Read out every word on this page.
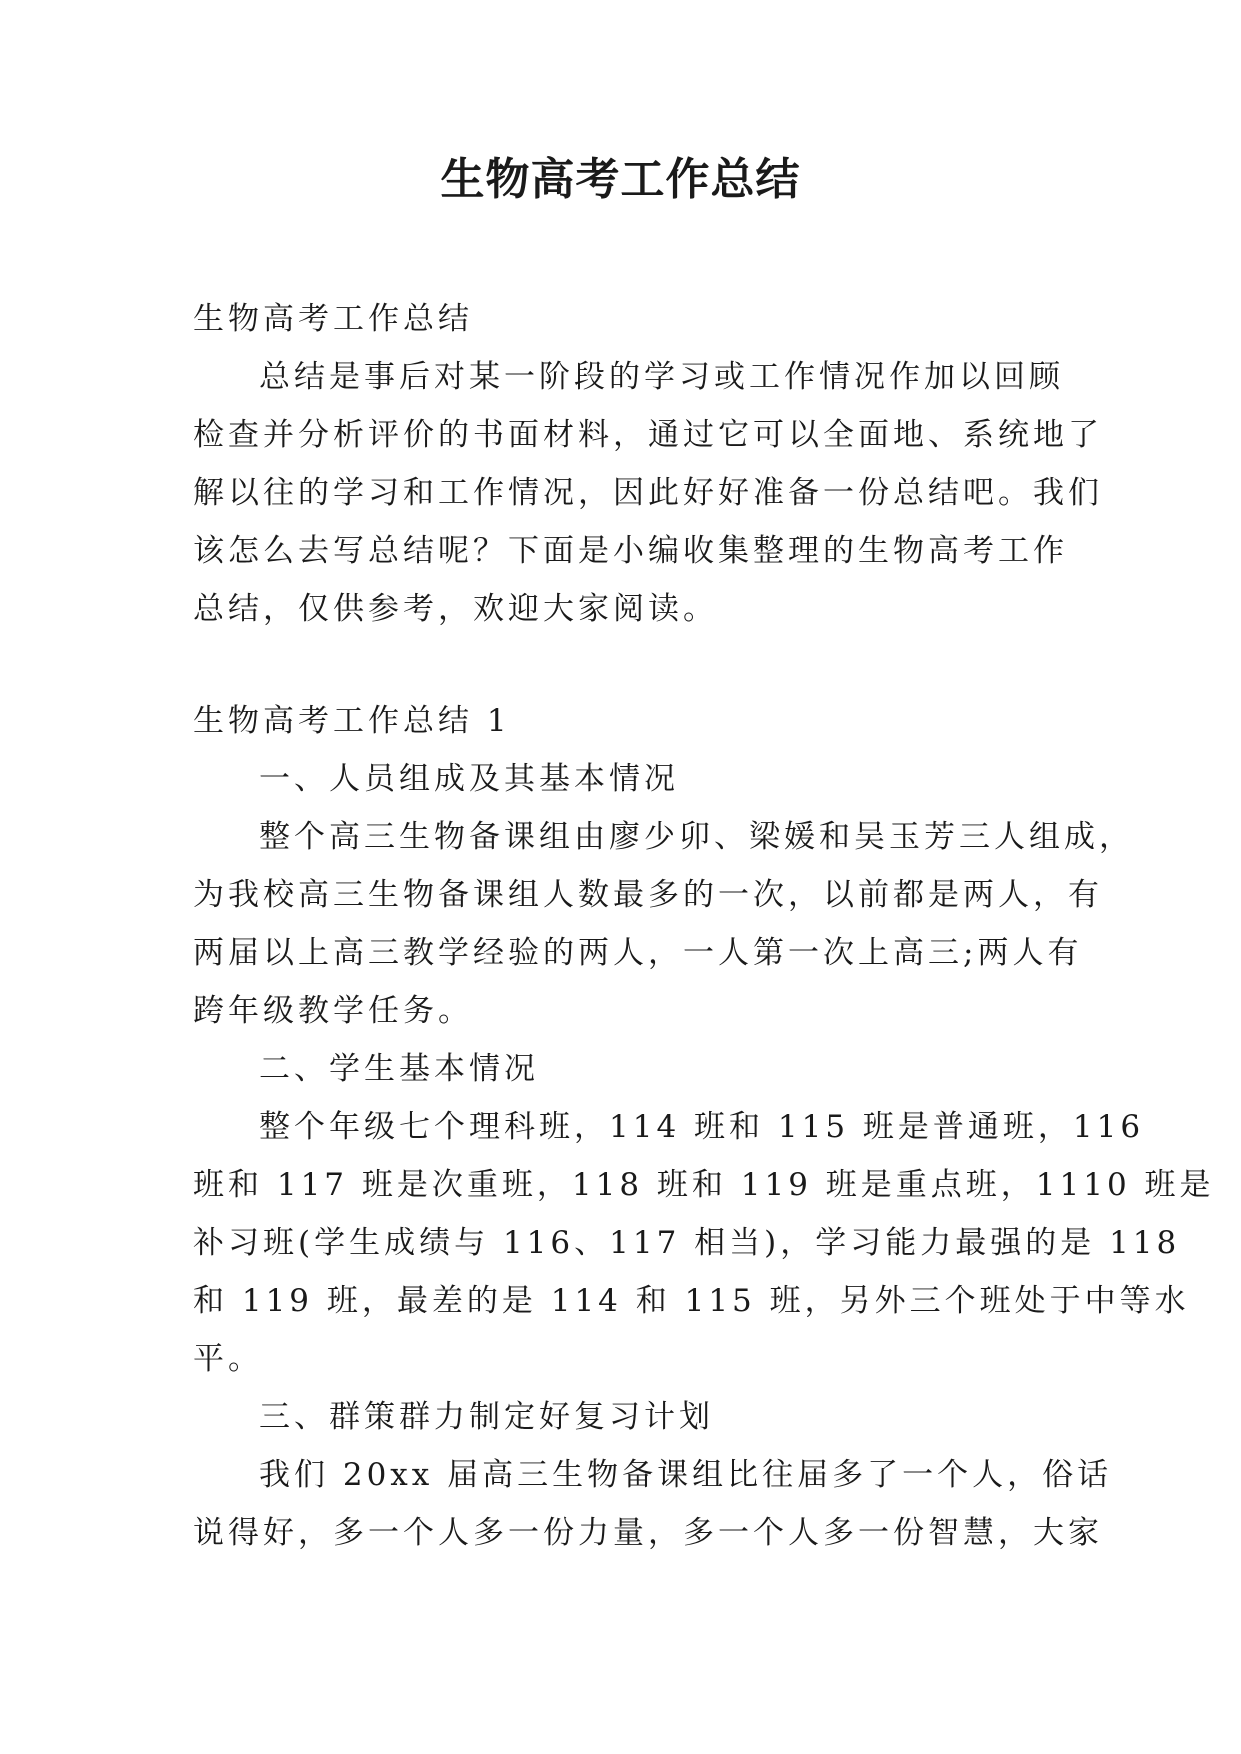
生物高考工作总结

生物高考工作总结

总结是事后对某一阶段的学习或工作情况作加以回顾

检查并分析评价的书面材料，通过它可以全面地、系统地了

解以往的学习和工作情况，因此好好准备一份总结吧。我们

该怎么去写总结呢？下面是小编收集整理的生物高考工作

总结，仅供参考，欢迎大家阅读。

生物高考工作总结 1

一、人员组成及其基本情况

整个高三生物备课组由廖少卯、梁媛和吴玉芳三人组成，

为我校高三生物备课组人数最多的一次，以前都是两人，有

两届以上高三教学经验的两人，一人第一次上高三;两人有

跨年级教学任务。

二、学生基本情况

整个年级七个理科班，114 班和 115 班是普通班，116

班和 117 班是次重班，118 班和 119 班是重点班，1110 班是

补习班(学生成绩与 116、117 相当)，学习能力最强的是 118

和 119 班，最差的是 114 和 115 班，另外三个班处于中等水

平。

三、群策群力制定好复习计划

我们 20xx 届高三生物备课组比往届多了一个人，俗话

说得好，多一个人多一份力量，多一个人多一份智慧，大家
